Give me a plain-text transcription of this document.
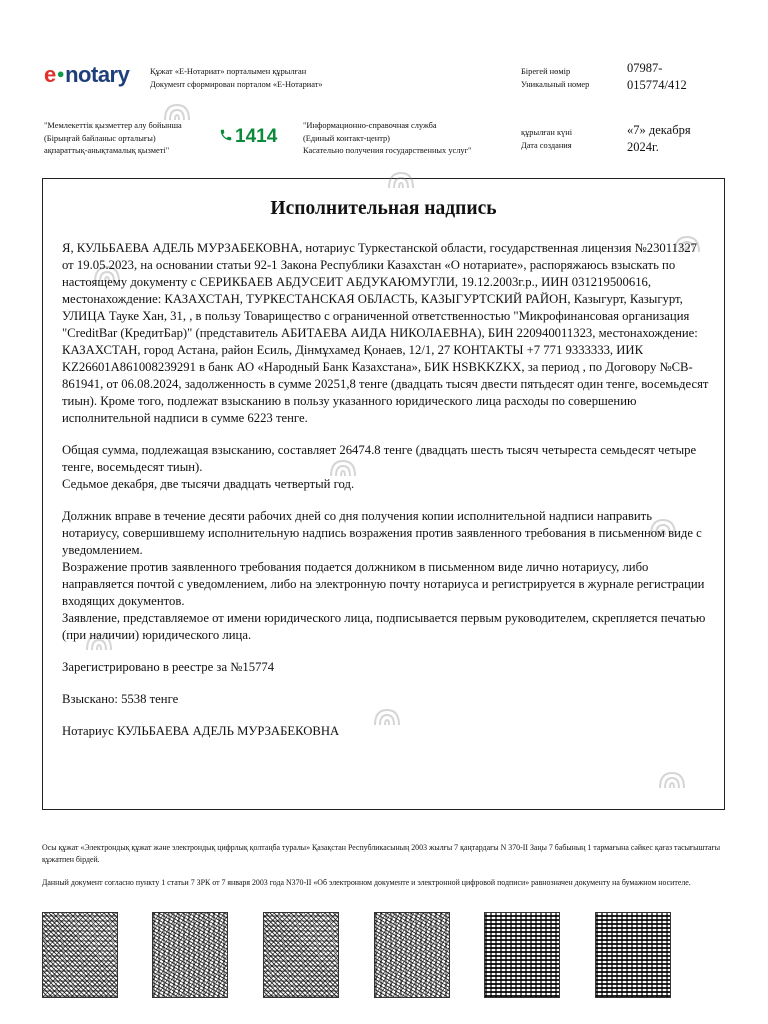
e●notary Құжат «Е-Нотариат» порталымен құрылған
Документ сформирован порталом «Е-Нотариат»
Бірегей нөмір
Уникальный номер
07987-
015774/412
"Мемлекеттік қызметтер алу бойынша
(Бірыңғай байланыс орталығы)
ақпараттық-анықтамалық қызметі"
1414
"Информационно-справочная служба
(Единый контакт-центр)
Касательно получения государственных услуг"
құрылған күні
Дата создания
«7» декабря
2024г.
Исполнительная надпись

Я, КУЛЬБАЕВА АДЕЛЬ МУРЗАБЕКОВНА, нотариус Туркестанской области, государственная лицензия №23011327 от 19.05.2023, на основании статьи 92-1 Закона Республики Казахстан «О нотариате», распоряжаюсь взыскать по настоящему документу с СЕРИКБАЕВ АБДУСЕИТ АБДУКАЮМУГЛИ, 19.12.2003г.р., ИИН 031219500616, местонахождение: КАЗАХСТАН, ТУРКЕСТАНСКАЯ ОБЛАСТЬ, КАЗЫГУРТСКИЙ РАЙОН, Казыгурт, Казыгурт, УЛИЦА Тауке Хан, 31, , в пользу Товарищество с ограниченной ответственностью "Микрофинансовая организация "CreditBar (КредитБар)" (представитель АБИТАЕВА АИДА НИКОЛАЕВНА), БИН 220940011323, местонахождение: КАЗАХСТАН, город Астана, район Есиль, Дінмұхамед Қонаев, 12/1, 27 КОНТАКТЫ +7 771 9333333, ИИК KZ26601A861008239291 в банк АО «Народный Банк Казахстана», БИК HSBKKZKX, за период , по Договору №CB-861941, от 06.08.2024, задолженность в сумме 20251,8 тенге (двадцать тысяч двести пятьдесят один тенге, восемьдесят тиын). Кроме того, подлежат взысканию в пользу указанного юридического лица расходы по совершению исполнительной надписи в сумме 6223 тенге.

Общая сумма, подлежащая взысканию, составляет 26474.8 тенге (двадцать шесть тысяч четыреста семьдесят четыре тенге, восемьдесят тиын).

Седьмое декабря, две тысячи двадцать четвертый год.

Должник вправе в течение десяти рабочих дней со дня получения копии исполнительной надписи направить нотариусу, совершившему исполнительную надпись возражения против заявленного требования в письменном виде с уведомлением.

Возражение против заявленного требования подается должником в письменном виде лично нотариусу, либо направляется почтой с уведомлением, либо на электронную почту нотариуса и регистрируется в журнале регистрации входящих документов.

Заявление, представляемое от имени юридического лица, подписывается первым руководителем, скрепляется печатью (при наличии) юридического лица.

Зарегистрировано в реестре за №15774

Взыскано: 5538 тенге

Нотариус КУЛЬБАЕВА АДЕЛЬ МУРЗАБЕКОВНА

Осы құжат «Электрондық құжат және электрондық цифрлық қолтаңба туралы» Қазақстан Республикасының 2003 жылғы 7 қаңтардағы N 370-II Заңы 7 бабының 1 тармағына сәйкес қағаз тасығыштағы құжатпен бірдей.
Данный документ согласно пункту 1 статьи 7 ЗРК от 7 января 2003 года N370-II «Об электронном документе и электронной цифровой подписи» равнозначен документу на бумажном носителе.
